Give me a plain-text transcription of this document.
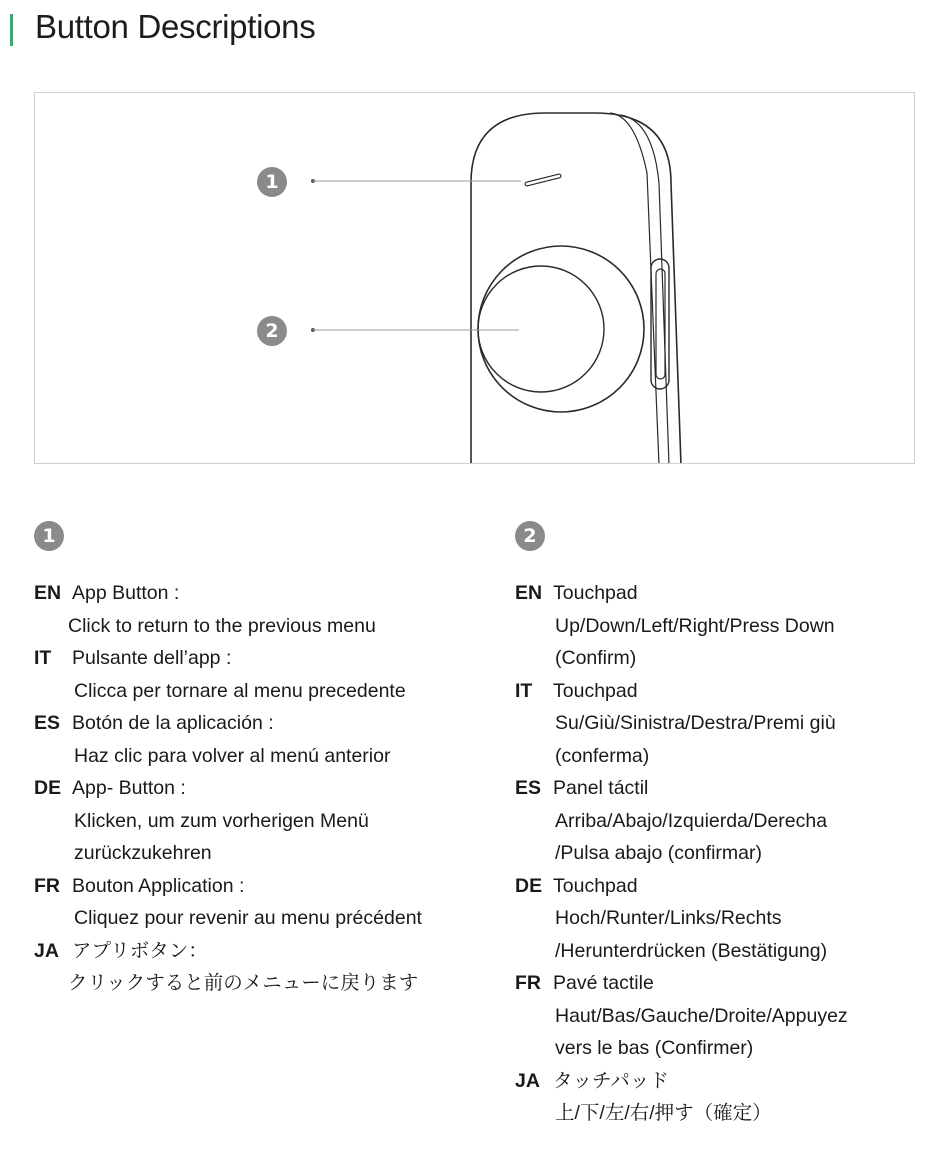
Button Descriptions
1
2
1
EN App Button :
Click to return to the previous menu
IT	Pulsante dell’app :
Clicca per tornare al menu precedente
ES Botón de la aplicación :
Haz clic para volver al menú anterior
DE App- Button :
Klicken, um zum vorherigen Menü
zurückzukehren
FR Bouton Application :
Cliquez pour revenir au menu précédent
JA アプリボタン：
クリックすると前のメニューに戻ります
2
EN Touchpad
Up/Down/Left/Right/Press Down
(Confirm)
IT	Touchpad
Su/Giù/Sinistra/Destra/Premi giù
(conferma)
ES Panel táctil
Arriba/Abajo/Izquierda/Derecha
/Pulsa abajo (confirmar)
DE Touchpad
Hoch/Runter/Links/Rechts
/Herunterdrücken (Bestätigung)
FR Pavé tactile
Haut/Bas/Gauche/Droite/Appuyez
vers le bas (Confirmer)
JA タッチパッド
上/下/左/右/押す（確定）
